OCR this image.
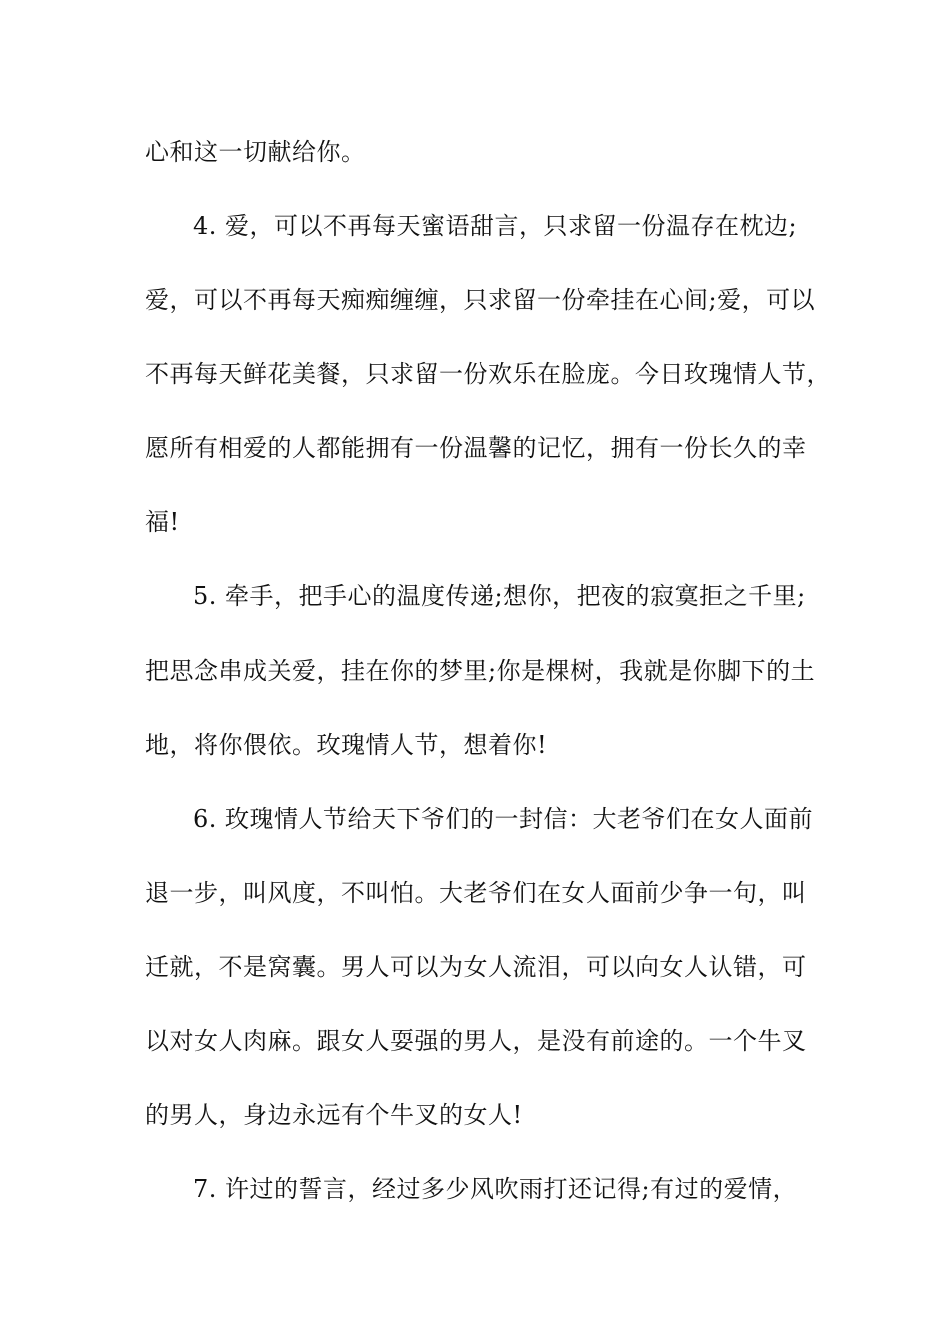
心和这一切献给你。
4. 爱，可以不再每天蜜语甜言，只求留一份温存在枕边;
爱，可以不再每天痴痴缠缠，只求留一份牵挂在心间;爱，可以
不再每天鲜花美餐，只求留一份欢乐在脸庞。今日玫瑰情人节，
愿所有相爱的人都能拥有一份温馨的记忆，拥有一份长久的幸
福!
5. 牵手，把手心的温度传递;想你，把夜的寂寞拒之千里;
把思念串成关爱，挂在你的梦里;你是棵树，我就是你脚下的土
地，将你偎依。玫瑰情人节，想着你!
6. 玫瑰情人节给天下爷们的一封信：大老爷们在女人面前
退一步，叫风度，不叫怕。大老爷们在女人面前少争一句，叫
迁就，不是窝囊。男人可以为女人流泪，可以向女人认错，可
以对女人肉麻。跟女人耍强的男人，是没有前途的。一个牛叉
的男人，身边永远有个牛叉的女人!
7. 许过的誓言，经过多少风吹雨打还记得;有过的爱情，
